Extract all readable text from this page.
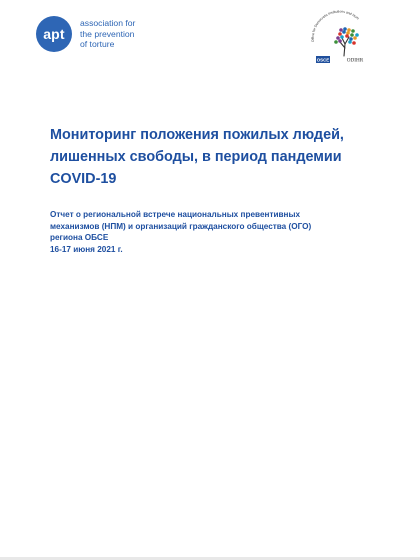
apt
association for
the prevention
of torture	Office for Democratic Institutions and Hum
OSCE	ODIHR
Мониторинг положения пожилых людей,
лишенных свободы, в период пандемии
COVID-19
Отчет о региональной встрече национальных превентивных
механизмов (НПМ) и организаций гражданского общества (ОГО)
региона ОБСЕ
16-17 июня 2021 г.
